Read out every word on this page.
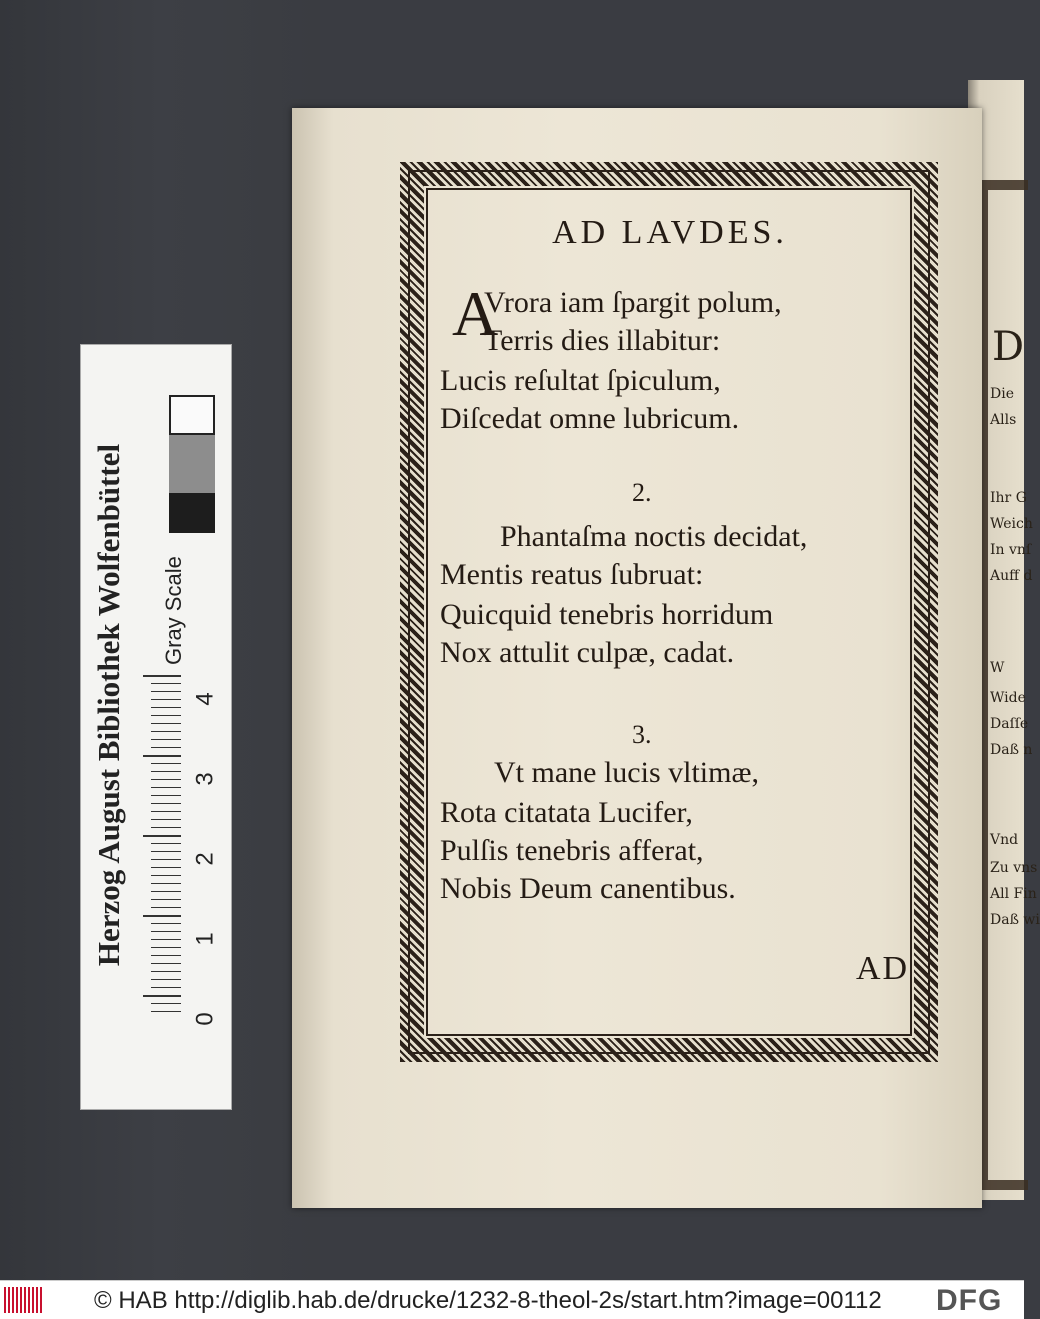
D
Die
Alls
Ihr G
Weich
In vnſ
Auff d
W
Wide
Daſſe
Daß n
Vnd
Zu vns
All Fin
Daß wi
AD LAVDES.
A
Vrora iam ſpargit polum,
Terris dies illabitur:
Lucis reſultat ſpiculum,
Diſcedat omne lubricum.
2.
Phantaſma noctis decidat,
Mentis reatus ſubruat:
Quicquid tenebris horridum
Nox attulit culpæ, cadat.
3.
Vt mane lucis vltimæ,
Rota citatata Lucifer,
Pulſis tenebris afferat,
Nobis Deum canentibus.
AD
Herzog August Bibliothek Wolfenbüttel Gray Scale
0
1
2
3
4
© HAB http://diglib.hab.de/drucke/1232-8-theol-2s/start.htm?image=00112 DFG
